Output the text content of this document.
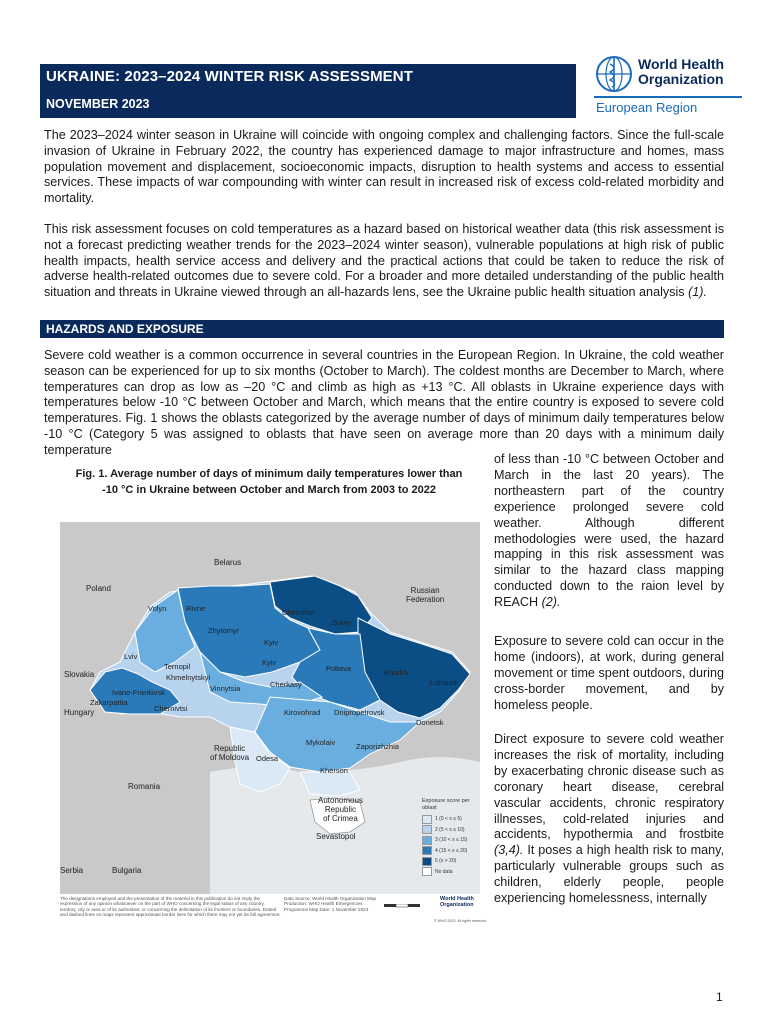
UKRAINE: 2023–2024 WINTER RISK ASSESSMENT
NOVEMBER 2023
World Health
Organization
European Region

The 2023–2024 winter season in Ukraine will coincide with ongoing complex and challenging factors. Since the full-scale invasion of Ukraine in February 2022, the country has experienced damage to major infrastructure and homes, mass population movement and displacement, socioeconomic impacts, disruption to health systems and access to essential services. These impacts of war compounding with winter can result in increased risk of excess cold-related morbidity and mortality.

This risk assessment focuses on cold temperatures as a hazard based on historical weather data (this risk assessment is not a forecast predicting weather trends for the 2023–2024 winter season), vulnerable populations at high risk of public health impacts, health service access and delivery and the practical actions that could be taken to reduce the risk of adverse health-related outcomes due to severe cold. For a broader and more detailed understanding of the public health situation and threats in Ukraine viewed through an all-hazards lens, see the Ukraine public health situation analysis (1).

HAZARDS AND EXPOSURE

Severe cold weather is a common occurrence in several countries in the European Region. In Ukraine, the cold weather season can be experienced for up to six months (October to March). The coldest months are December to March, where temperatures can drop as low as –20 °C and climb as high as +13 °C. All oblasts in Ukraine experience days with temperatures below -10 °C between October and March, which means that the entire country is exposed to severe cold temperatures. Fig. 1 shows the oblasts categorized by the average number of days of minimum daily temperatures below -10 °C (Category 5 was assigned to oblasts that have seen on average more than 20 days with a minimum daily temperature

of less than -10 °C between October and March in the last 20 years). The northeastern part of the country experience prolonged severe cold weather. Although different methodologies were used, the hazard mapping in this risk assessment was similar to the hazard class mapping conducted down to the raion level by REACH (2).

Exposure to severe cold can occur in the home (indoors), at work, during general movement or time spent outdoors, during cross-border movement, and by homeless people.

Direct exposure to severe cold weather increases the risk of mortality, including by exacerbating chronic disease such as coronary heart disease, cerebral vascular accidents, chronic respiratory illnesses, cold-related injuries and accidents, hypothermia and frostbite (3,4). It poses a high health risk to many, particularly vulnerable groups such as children, elderly people, people experiencing homelessness, internally

Fig. 1. Average number of days of minimum daily temperatures lower than
-10 °C in Ukraine between October and March from 2003 to 2022
Belarus
Poland	Russian
Federation
Slovakia
Hungary
Romania
Republic
of Moldova
Serbia	Bulgaria
Autonomous
Republic
of Crimea
Sevastopol
Volyn	Rivne
Zhytomyr
Chernihiv
Sumy
Kyiv
Kyiv
Lviv
Ternopil
Khmelnytskyi
Ivano-Frankivsk
Zakarpattia
Chernivtsi
Vinnytsia	Cherkasy
Poltava	Kharkiv
Luhansk
Kirovohrad Dnipropetrovsk
Donetsk
Mykolaiv	Zaporizhzhia
Odesa
Kherson
Exposure score per oblast
1 (0 < x ≤ 5)
2 (5 < x ≤ 10)
3 (10 < x ≤ 15)
4 (15 < x ≤ 20)
5 (x > 20)
No data
The designations employed and the presentation of the material in this publication do not imply the expression of any opinion whatsoever on the part of WHO concerning the legal status of any country, territory, city or area or of its authorities, or concerning the delimitation of its frontiers or boundaries. Dotted and dashed lines on maps represent approximate border lines for which there may not yet be full agreement.
Data Source: World Health Organization Map Production: WHO Health Emergencies Programme Map Date: 1 November 2023
World Health
Organization
© WHO 2023. All rights reserved.
1
